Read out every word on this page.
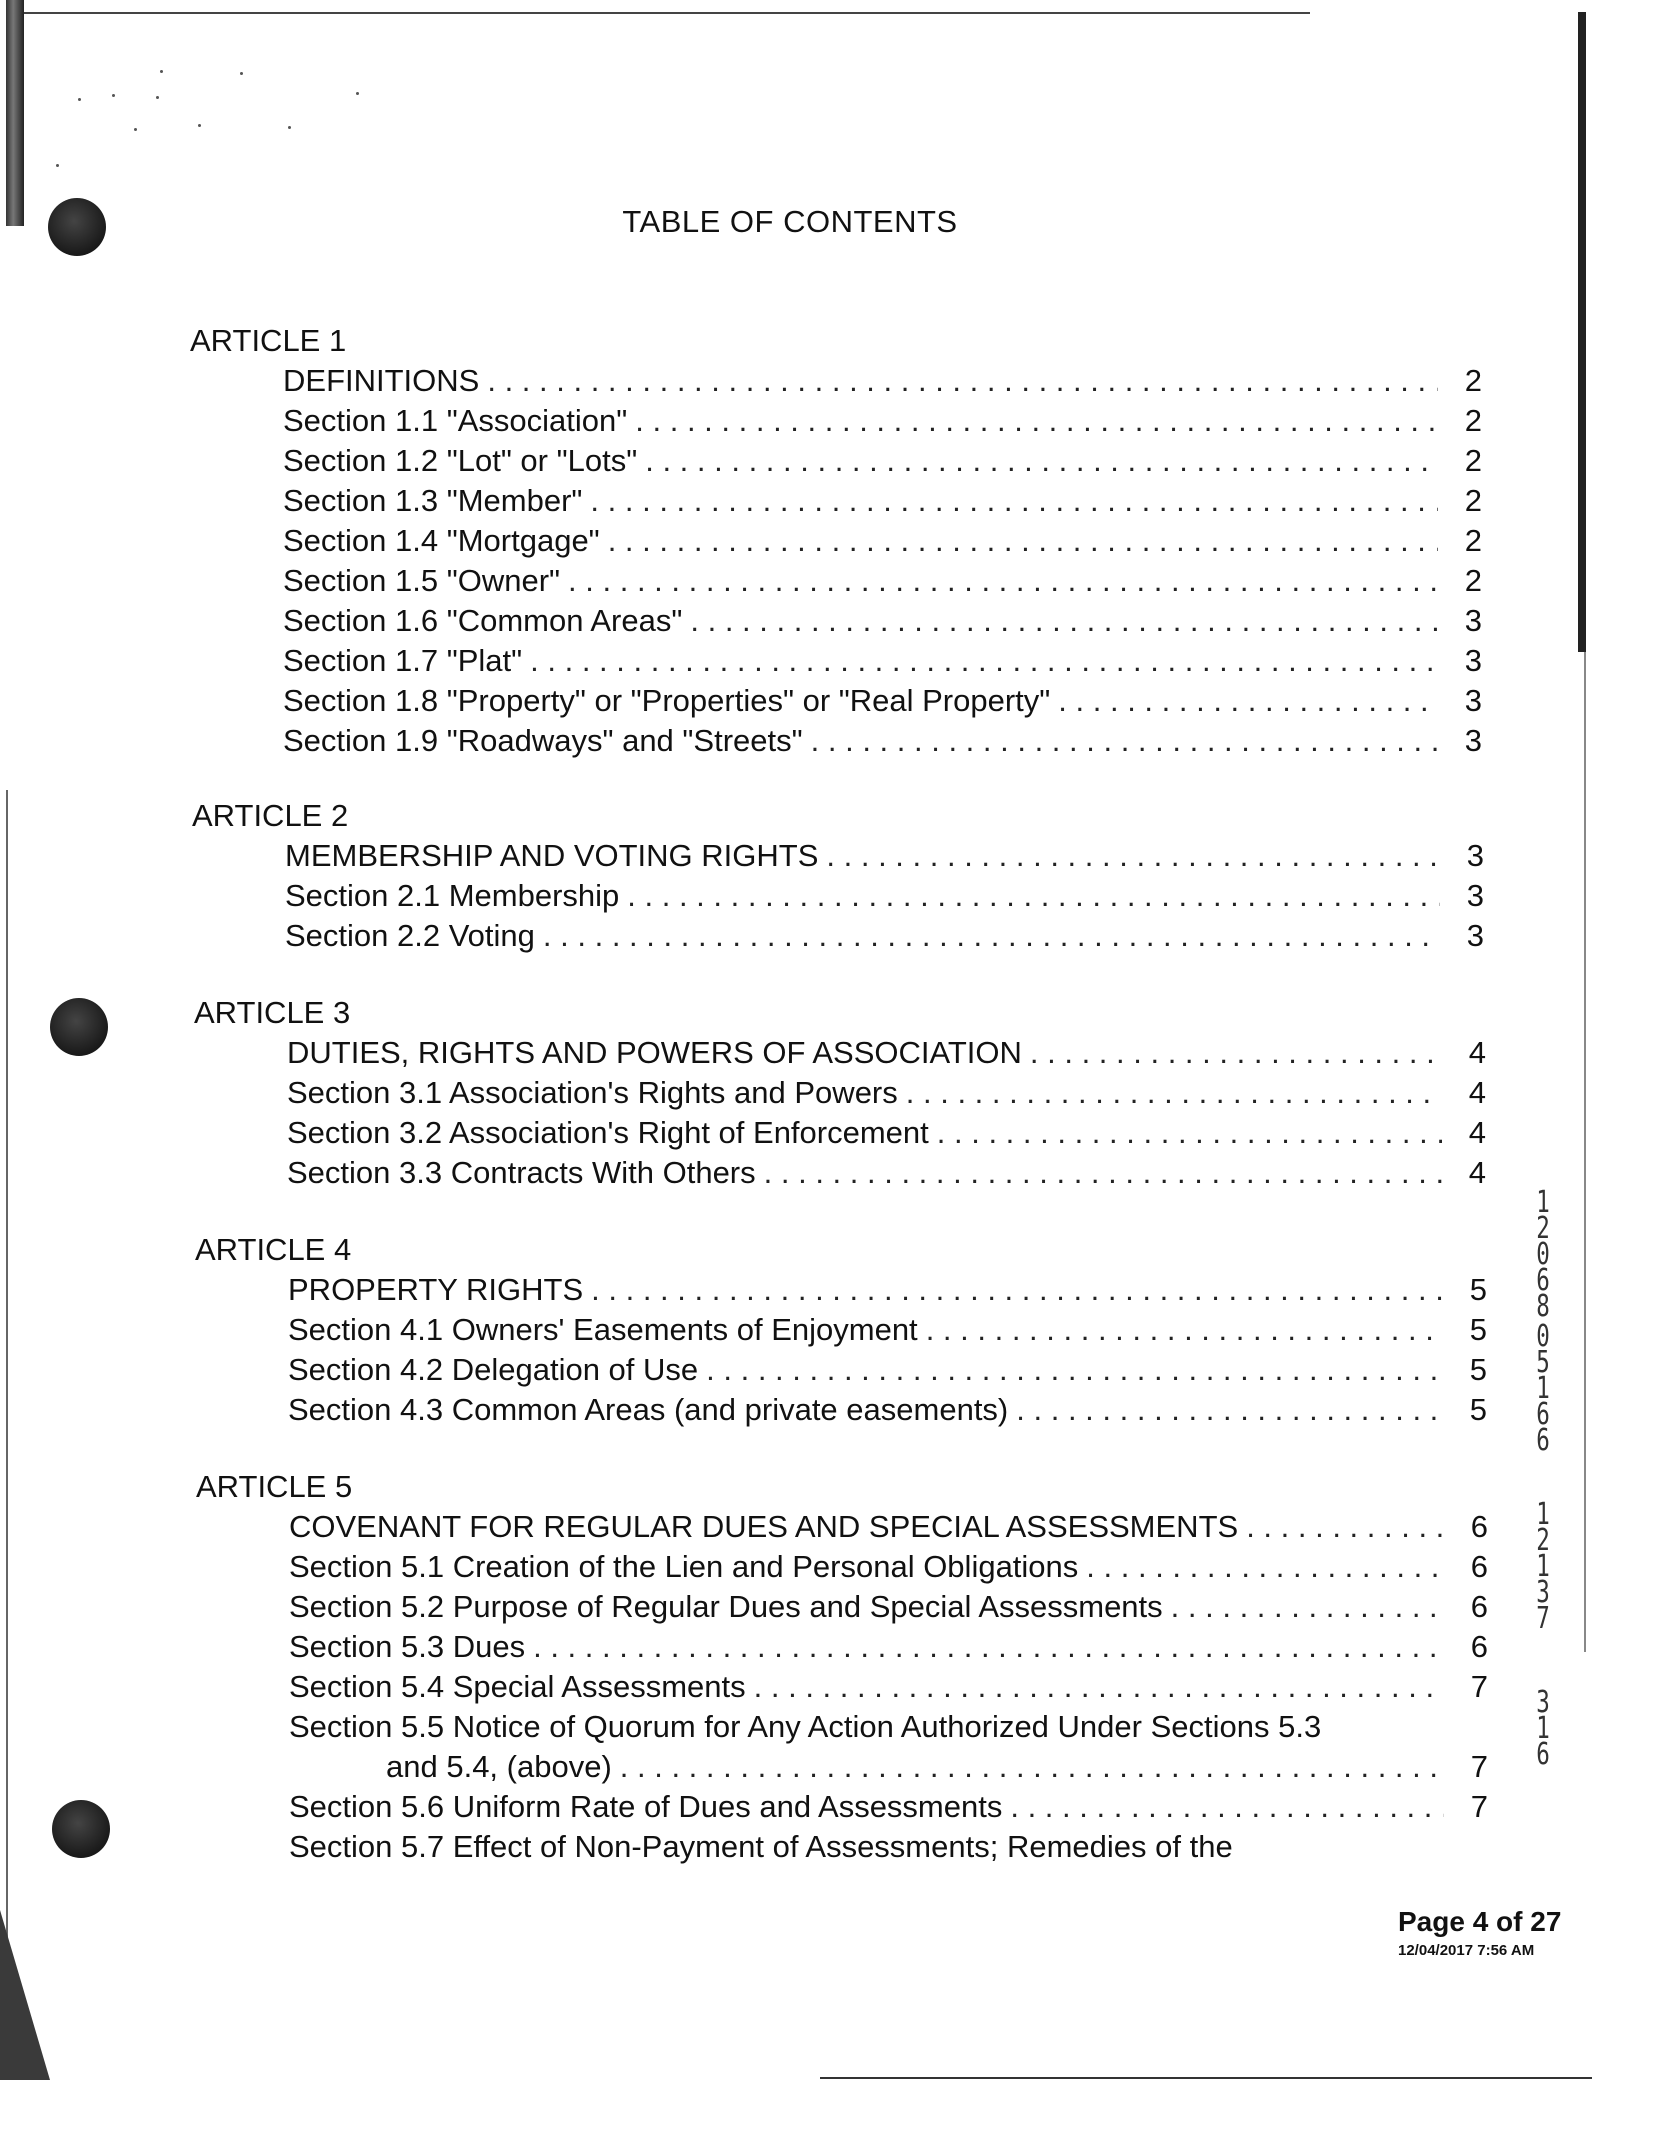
TABLE OF CONTENTS
ARTICLE 1
DEFINITIONS . . .	2
Section 1.1 "Association" . . .	2
Section 1.2 "Lot" or "Lots" . . .	2
Section 1.3 "Member" . . .	2
Section 1.4 "Mortgage" . . .	2
Section 1.5 "Owner" . . .	2
Section 1.6 "Common Areas" . . .	3
Section 1.7 "Plat" . . .	3
Section 1.8 "Property" or "Properties" or "Real Property" . . .	3
Section 1.9 "Roadways" and "Streets" . . .	3
ARTICLE 2
MEMBERSHIP AND VOTING RIGHTS . . .	3
Section 2.1 Membership . . .	3
Section 2.2 Voting . . .	3
ARTICLE 3
DUTIES, RIGHTS AND POWERS OF ASSOCIATION . . .	4
Section 3.1 Association's Rights and Powers . . .	4
Section 3.2 Association's Right of Enforcement . . .	4
Section 3.3 Contracts With Others . . .	4
ARTICLE 4
PROPERTY RIGHTS . . .	5
Section 4.1 Owners' Easements of Enjoyment . . .	5
Section 4.2 Delegation of Use . . .	5
Section 4.3 Common Areas (and private easements) . . .	5
ARTICLE 5
COVENANT FOR REGULAR DUES AND SPECIAL ASSESSMENTS . . .	6
Section 5.1 Creation of the Lien and Personal Obligations . . .	6
Section 5.2 Purpose of Regular Dues and Special Assessments . . .	6
Section 5.3 Dues . . .	6
Section 5.4 Special Assessments . . .	7
Section 5.5 Notice of Quorum for Any Action Authorized Under Sections 5.3
and 5.4, (above) . . .	7
Section 5.6 Uniform Rate of Dues and Assessments . . .	7
Section 5.7 Effect of Non-Payment of Assessments; Remedies of the
Page 4 of 27
12/04/2017 7:56 AM
12068
05166
12137
316
